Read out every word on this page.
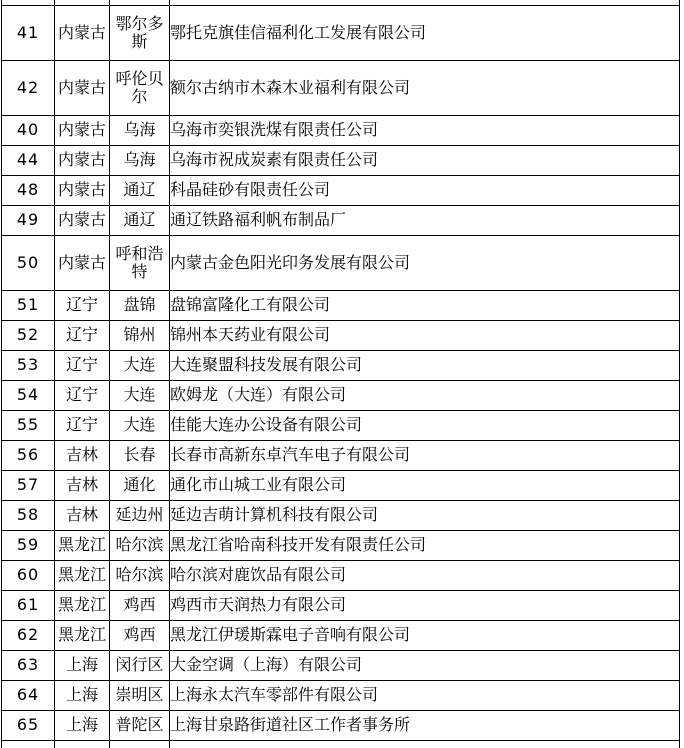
41	内蒙古	鄂尔多斯	鄂托克旗佳信福利化工发展有限公司
42	内蒙古	呼伦贝尔	额尔古纳市木森木业福利有限公司
40	内蒙古	乌海	乌海市奕银洗煤有限责任公司
44	内蒙古	乌海	乌海市祝成炭素有限责任公司
48	内蒙古	通辽	科晶硅砂有限责任公司
49	内蒙古	通辽	通辽铁路福利帆布制品厂
50	内蒙古	呼和浩特	内蒙古金色阳光印务发展有限公司
51	辽宁	盘锦	盘锦富隆化工有限公司
52	辽宁	锦州	锦州本天药业有限公司
53	辽宁	大连	大连聚盟科技发展有限公司
54	辽宁	大连	欧姆龙（大连）有限公司
55	辽宁	大连	佳能大连办公设备有限公司
56	吉林	长春	长春市高新东卓汽车电子有限公司
57	吉林	通化	通化市山城工业有限公司
58	吉林	延边州	延边吉萌计算机科技有限公司
59	黑龙江	哈尔滨	黑龙江省哈南科技开发有限责任公司
60	黑龙江	哈尔滨	哈尔滨对鹿饮品有限公司
61	黑龙江	鸡西	鸡西市天润热力有限公司
62	黑龙江	鸡西	黑龙江伊瑗斯霖电子音响有限公司
63	上海	闵行区	大金空调（上海）有限公司
64	上海	崇明区	上海永太汽车零部件有限公司
65	上海	普陀区	上海甘泉路街道社区工作者事务所
